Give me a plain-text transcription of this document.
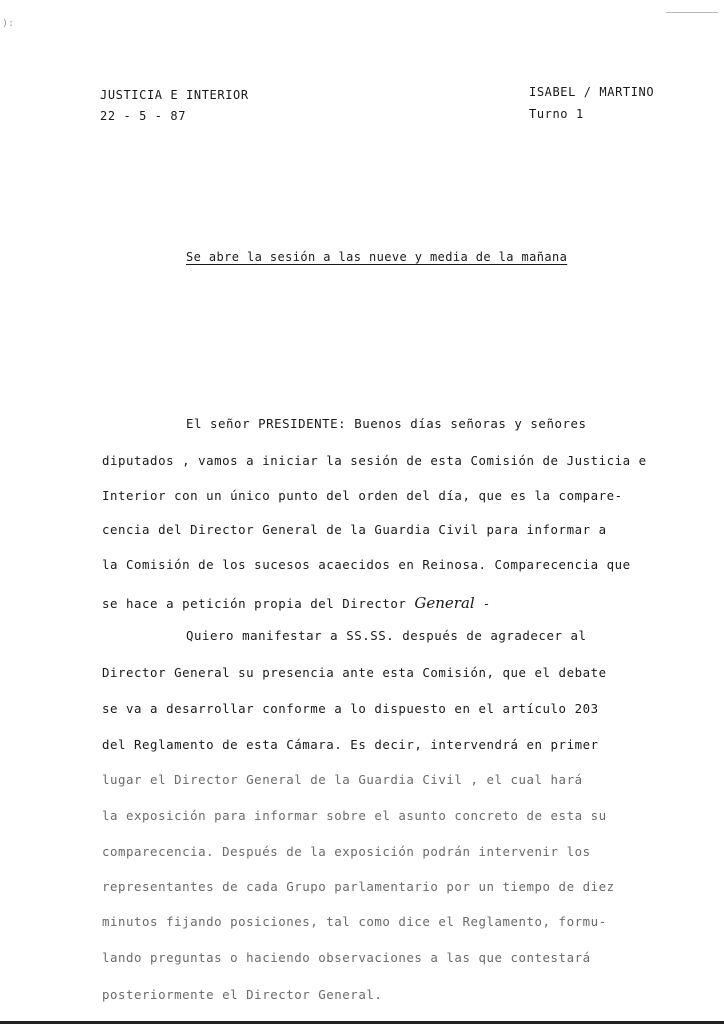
):
JUSTICIA E INTERIOR
22 - 5 - 87
ISABEL / MARTINO
Turno 1
Se abre la sesión a las nueve y media de la mañana
El señor PRESIDENTE: Buenos días señoras y señores
diputados , vamos a iniciar la sesión de esta Comisión de Justicia e
Interior con un único punto del orden del día, que es la compare-
cencia del Director General de la Guardia Civil para informar a
la Comisión de los sucesos acaecidos en Reinosa. Comparecencia que
se hace a petición propia del Director General -
Quiero manifestar a SS.SS. después de agradecer al
Director General su presencia ante esta Comisión, que el debate
se va a desarrollar conforme a lo dispuesto en el artículo 203
del Reglamento de esta Cámara. Es decir, intervendrá en primer
lugar el Director General de la Guardia Civil , el cual hará
la exposición para informar sobre el asunto concreto de esta su
comparecencia. Después de la exposición podrán intervenir los
representantes de cada Grupo parlamentario por un tiempo de diez
minutos fijando posiciones, tal como dice el Reglamento, formu-
lando preguntas o haciendo observaciones a las que contestará
posteriormente el Director General.
